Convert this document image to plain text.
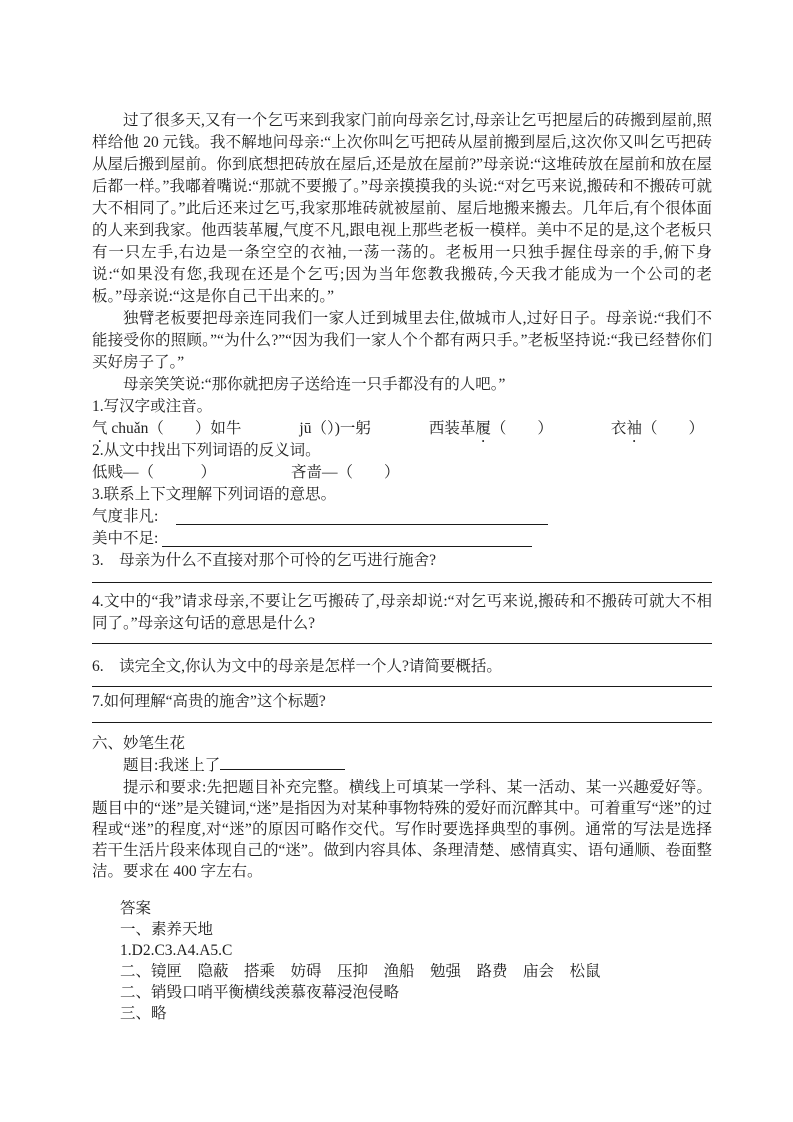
过了很多天,又有一个乞丐来到我家门前向母亲乞讨,母亲让乞丐把屋后的砖搬到屋前,照样给他 20 元钱。我不解地问母亲:“上次你叫乞丐把砖从屋前搬到屋后,这次你又叫乞丐把砖从屋后搬到屋前。你到底想把砖放在屋后,还是放在屋前?”母亲说:“这堆砖放在屋前和放在屋后都一样。”我嘟着嘴说:“那就不要搬了。”母亲摸摸我的头说:“对乞丐来说,搬砖和不搬砖可就大不相同了。”此后还来过乞丐,我家那堆砖就被屋前、屋后地搬来搬去。几年后,有个很体面的人来到我家。他西装革履,气度不凡,跟电视上那些老板一模样。美中不足的是,这个老板只有一只左手,右边是一条空空的衣袖,一荡一荡的。老板用一只独手握住母亲的手,俯下身说:“如果没有您,我现在还是个乞丐;因为当年您教我搬砖,今天我才能成为一个公司的老板。”母亲说:“这是你自己干出来的。”

独臂老板要把母亲连同我们一家人迁到城里去住,做城市人,过好日子。母亲说:“我们不能接受你的照顾。”“为什么?”“因为我们一家人个个都有两只手。”老板坚持说:“我已经替你们买好房子了。”

母亲笑笑说:“那你就把房子送给连一只手都没有的人吧。”

1.写汉字或注音。

气 chuǎn（　　）如牛	jū（）)一躬	西装革履（　　）	衣袖（　　）

2.从文中找出下列词语的反义词。

低贱—（　　　）	吝啬—（　　）

3.联系上下文理解下列词语的意思。

气度非凡:
美中不足:

3.　母亲为什么不直接对那个可怜的乞丐进行施舍?

4.文中的“我”请求母亲,不要让乞丐搬砖了,母亲却说:“对乞丐来说,搬砖和不搬砖可就大不相同了。”母亲这句话的意思是什么?

6.　读完全文,你认为文中的母亲是怎样一个人?请简要概括。

7.如何理解“高贵的施舍”这个标题?

六、妙笔生花

题目:我迷上了

提示和要求:先把题目补充完整。横线上可填某一学科、某一活动、某一兴趣爱好等。题目中的“迷”是关键词,“迷”是指因为对某种事物特殊的爱好而沉醉其中。可着重写“迷”的过程或“迷”的程度,对“迷”的原因可略作交代。写作时要选择典型的事例。通常的写法是选择若干生活片段来体现自己的“迷”。做到内容具体、条理清楚、感情真实、语句通顺、卷面整洁。要求在 400 字左右。

答案
一、素养天地
1.D2.C3.A4.A5.C
二、镜匣　隐蔽　搭乘　妨碍　压抑　渔船　勉强　路费　庙会　松鼠
二、销毁口哨平衡横线羡慕夜幕浸泡侵略
三、略
